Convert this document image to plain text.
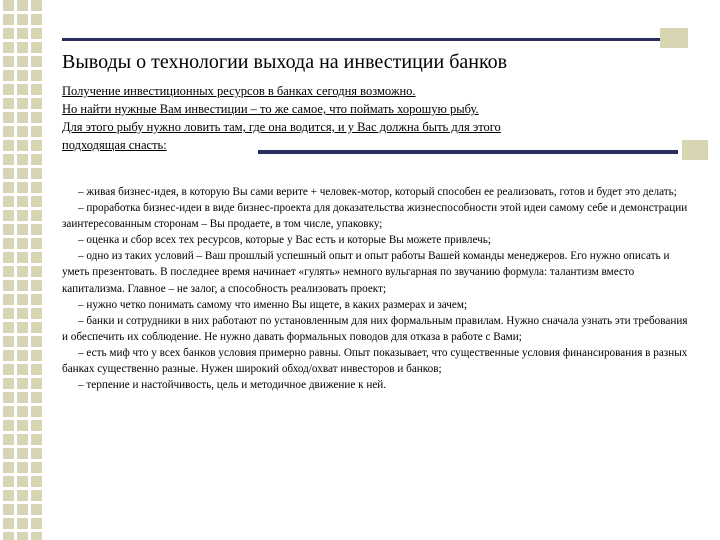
Выводы о технологии выхода на инвестиции банков
Получение инвестиционных ресурсов в банках сегодня возможно.
Но найти нужные Вам инвестиции – то же самое, что поймать хорошую рыбу.
Для этого рыбу нужно ловить там, где она водится, и у Вас должна быть для этого
подходящая снасть:

– живая бизнес-идея, в которую Вы сами верите + человек-мотор, который способен ее реализовать, готов и будет это делать;

– проработка бизнес-идеи в виде бизнес-проекта для доказательства жизнеспособности этой идеи самому себе и демонстрации заинтересованным сторонам – Вы продаете, в том числе, упаковку;

– оценка и сбор всех тех ресурсов, которые у Вас есть и которые Вы можете привлечь;

– одно из таких условий – Ваш прошлый успешный опыт и опыт работы Вашей команды менеджеров. Его нужно описать и уметь презентовать. В последнее время начинает «гулять» немного вульгарная по звучанию формула: талантизм вместо капитализма. Главное – не залог, а способность реализовать проект;

– нужно четко понимать самому что именно Вы ищете, в каких размерах и зачем;

– банки и сотрудники в них работают по установленным для них формальным правилам. Нужно сначала узнать эти требования и обеспечить их соблюдение. Не нужно давать формальных поводов для отказа в работе с Вами;

– есть миф что у всех банков условия примерно равны. Опыт показывает, что существенные условия финансирования в разных банках существенно разные. Нужен широкий обход/охват инвесторов и банков;

– терпение и настойчивость, цель и методичное движение к ней.
